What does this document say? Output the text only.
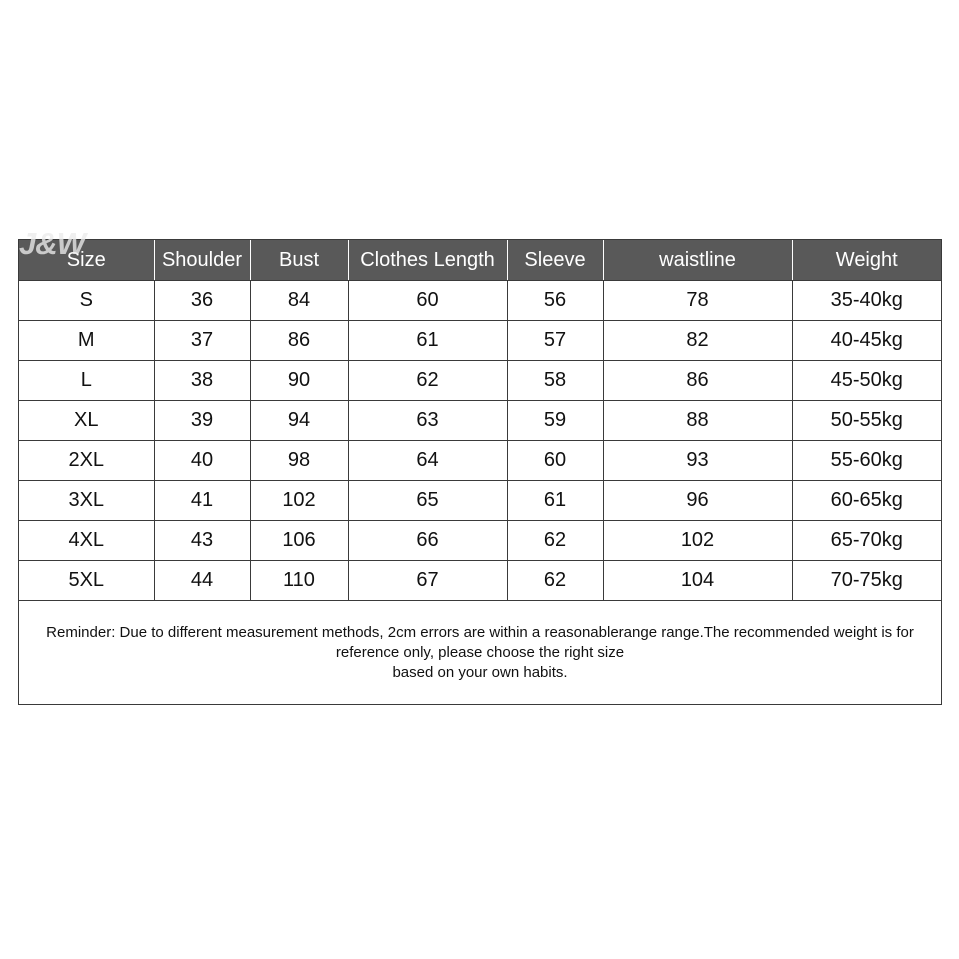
J&W
Size	Shoulder	Bust	Clothes Length	Sleeve	waistline	Weight
S	36	84	60	56	78	35-40kg
M	37	86	61	57	82	40-45kg
L	38	90	62	58	86	45-50kg
XL	39	94	63	59	88	50-55kg
2XL	40	98	64	60	93	55-60kg
3XL	41	102	65	61	96	60-65kg
4XL	43	106	66	62	102	65-70kg
5XL	44	110	67	62	104	70-75kg
Reminder: Due to different measurement methods, 2cm errors are within a reasonablerange range.The recommended weight is for
reference only, please choose the right size
based on your own habits.
